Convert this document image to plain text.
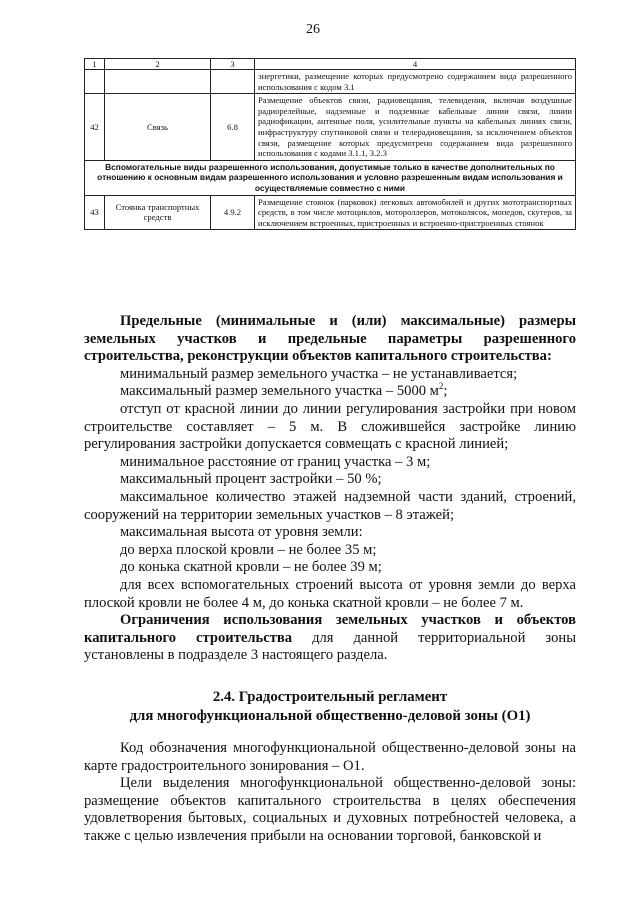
26
1	2	3	4
			энергетики, размещение которых предусмотрено содержанием вида разрешенного использования с кодом 3.1
42	Связь	6.8	Размещение объектов связи, радиовещания, телевидения, включая воздушные радиорелейные, надземные и подземные кабельные линии связи, линии радиофикации, антенные поля, усилительные пункты на кабельных линиях связи, инфраструктуру спутниковой связи и телерадиовещания, за исключением объектов связи, размещение которых предусмотрено содержанием вида разрешенного использования с кодами 3.1.1, 3.2.3
Вспомогательные виды разрешенного использования, допустимые только в качестве дополнительных по отношению к основным видам разрешенного использования и условно разрешенным видам использования и осуществляемые совместно с ними			
43	Стоянка транспортных средств	4.9.2	Размещение стоянок (парковок) легковых автомобилей и других мототранспортных средств, в том числе мотоциклов, мотороллеров, мотоколясок, мопедов, скутеров, за исключением встроенных, пристроенных и встроенно-пристроенных стоянок

Предельные (минимальные и (или) максимальные) размеры земельных участков и предельные параметры разрешенного строительства, реконструкции объектов капитального строительства:

минимальный размер земельного участка – не устанавливается;

максимальный размер земельного участка – 5000 $м^2$;

отступ от красной линии до линии регулирования застройки при новом строительстве составляет – 5 м. В сложившейся застройке линию регулирования застройки допускается совмещать с красной линией;

минимальное расстояние от границ участка – 3 м;

максимальный процент застройки – 50 %;

максимальное количество этажей надземной части зданий, строений, сооружений на территории земельных участков – 8 этажей;

максимальная высота от уровня земли:

до верха плоской кровли – не более 35 м;

до конька скатной кровли – не более 39 м;

для всех вспомогательных строений высота от уровня земли до верха плоской кровли не более 4 м, до конька скатной кровли – не более 7 м.

Ограничения использования земельных участков и объектов капитального строительства для данной территориальной зоны установлены в подразделе 3 настоящего раздела.

2.4. Градостроительный регламент
для многофункциональной общественно-деловой зоны (О1)

Код обозначения многофункциональной общественно-деловой зоны на карте градостроительного зонирования – О1.

Цели выделения многофункциональной общественно-деловой зоны: размещение объектов капитального строительства в целях обеспечения удовлетворения бытовых, социальных и духовных потребностей человека, а также с целью извлечения прибыли на основании торговой, банковской и
